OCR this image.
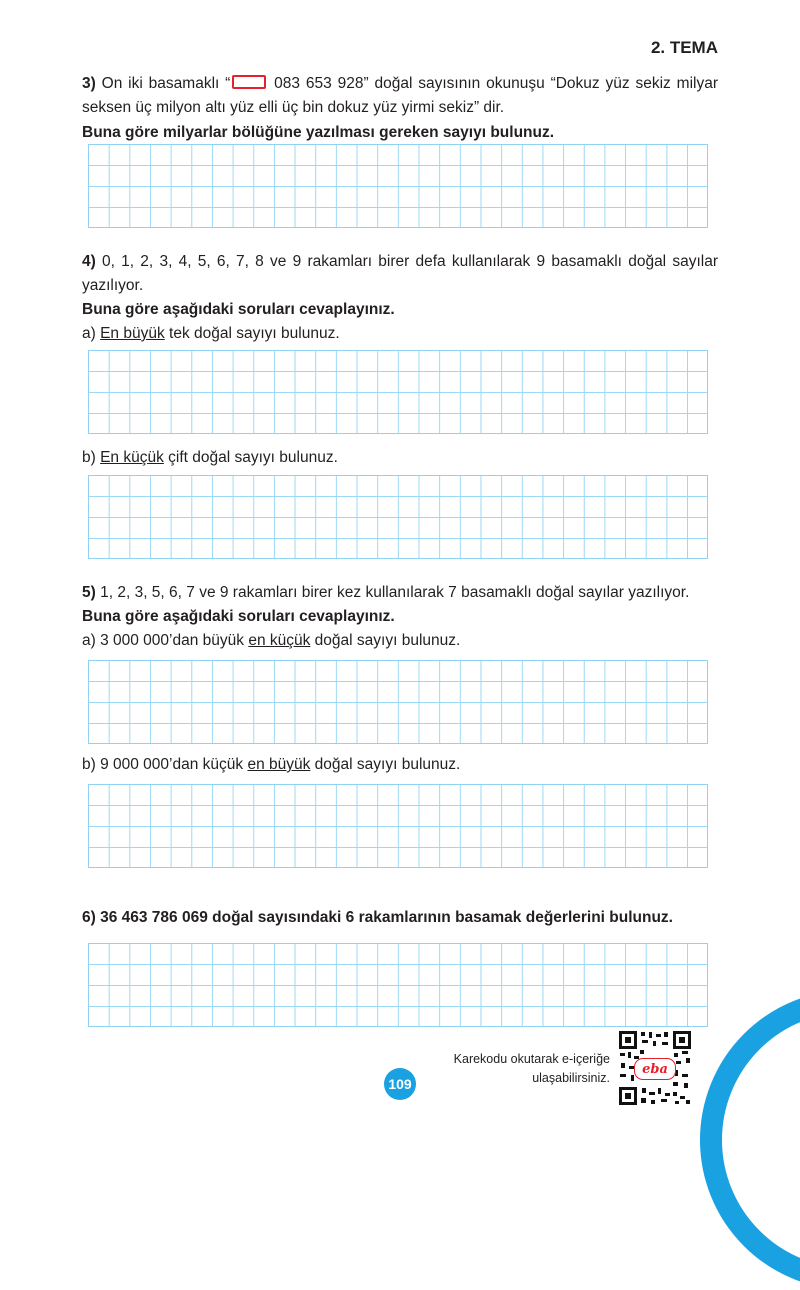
2. TEMA
3) On iki basamaklı “ 083 653 928” doğal sayısının okunuşu “Dokuz yüz sekiz milyar seksen üç milyon altı yüz elli üç bin dokuz yüz yirmi sekiz” dir.
Buna göre milyarlar bölüğüne yazılması gereken sayıyı bulunuz.
4) 0, 1, 2, 3, 4, 5, 6, 7, 8 ve 9 rakamları birer defa kullanılarak 9 basamaklı doğal sayılar yazılıyor.
Buna göre aşağıdaki soruları cevaplayınız.
a) En büyük tek doğal sayıyı bulunuz.
b) En küçük çift doğal sayıyı bulunuz.
5) 1, 2, 3, 5, 6, 7 ve 9 rakamları birer kez kullanılarak 7 basamaklı doğal sayılar yazılıyor.
Buna göre aşağıdaki soruları cevaplayınız.
a) 3 000 000’dan büyük en küçük doğal sayıyı bulunuz.
b) 9 000 000’dan küçük en büyük doğal sayıyı bulunuz.
6) 36 463 786 069 doğal sayısındaki 6 rakamlarının basamak değerlerini bulunuz.
109
Karekodu okutarak e-içeriğe
ulaşabilirsiniz.
eba
